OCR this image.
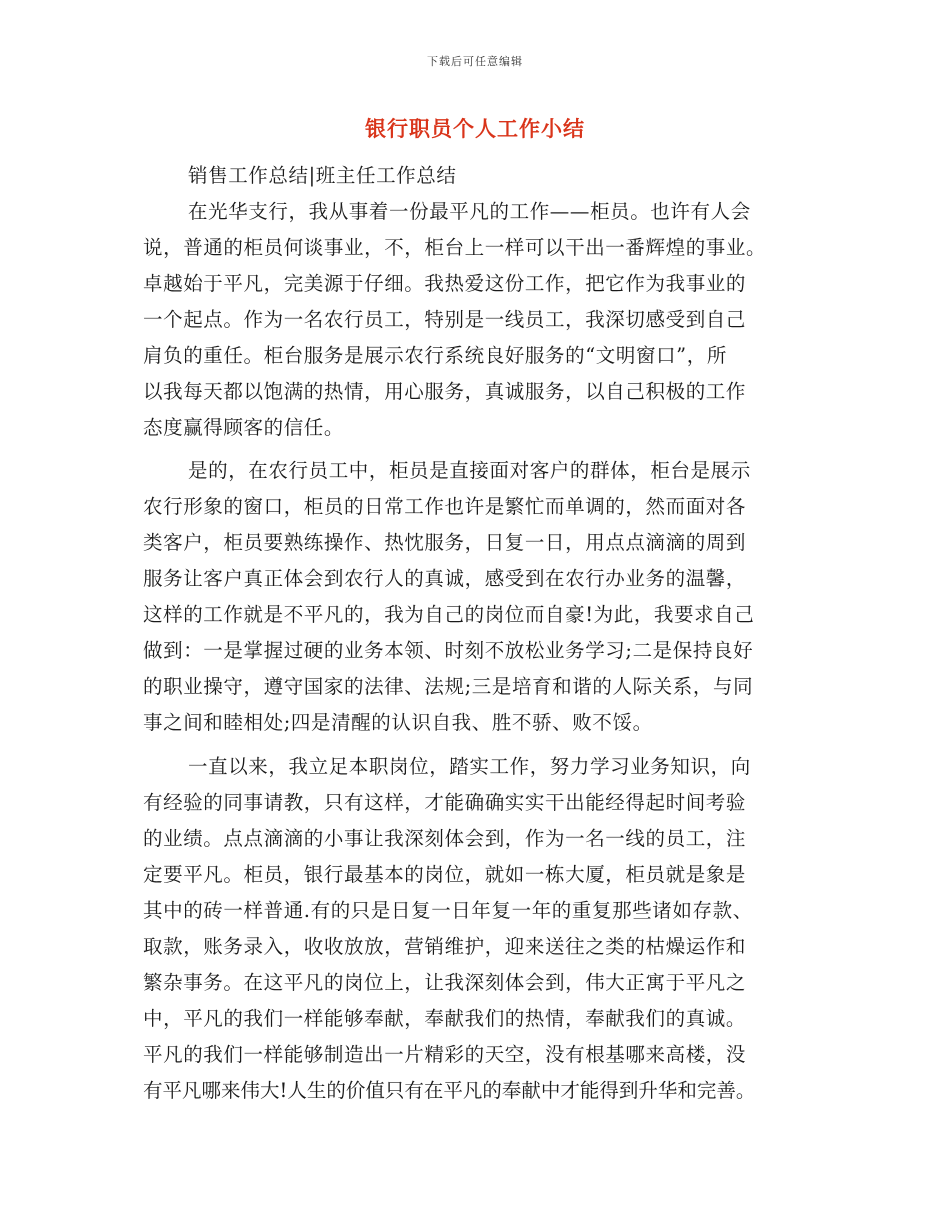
下载后可任意编辑
银行职员个人工作小结
销售工作总结|班主任工作总结
在光华支行，我从事着一份最平凡的工作——柜员。也许有人会
说，普通的柜员何谈事业，不，柜台上一样可以干出一番辉煌的事业。
卓越始于平凡，完美源于仔细。我热爱这份工作，把它作为我事业的
一个起点。作为一名农行员工，特别是一线员工，我深切感受到自己
肩负的重任。柜台服务是展示农行系统良好服务的“文明窗口”，所
以我每天都以饱满的热情，用心服务，真诚服务，以自己积极的工作
态度赢得顾客的信任。
是的，在农行员工中，柜员是直接面对客户的群体，柜台是展示
农行形象的窗口，柜员的日常工作也许是繁忙而单调的，然而面对各
类客户，柜员要熟练操作、热忱服务，日复一日，用点点滴滴的周到
服务让客户真正体会到农行人的真诚，感受到在农行办业务的温馨，
这样的工作就是不平凡的，我为自己的岗位而自豪!为此，我要求自己
做到：一是掌握过硬的业务本领、时刻不放松业务学习;二是保持良好
的职业操守，遵守国家的法律、法规;三是培育和谐的人际关系，与同
事之间和睦相处;四是清醒的认识自我、胜不骄、败不馁。
一直以来，我立足本职岗位，踏实工作，努力学习业务知识，向
有经验的同事请教，只有这样，才能确确实实干出能经得起时间考验
的业绩。点点滴滴的小事让我深刻体会到，作为一名一线的员工，注
定要平凡。柜员，银行最基本的岗位，就如一栋大厦，柜员就是象是
其中的砖一样普通.有的只是日复一日年复一年的重复那些诸如存款、
取款，账务录入，收收放放，营销维护，迎来送往之类的枯燥运作和
繁杂事务。在这平凡的岗位上，让我深刻体会到，伟大正寓于平凡之
中，平凡的我们一样能够奉献，奉献我们的热情，奉献我们的真诚。
平凡的我们一样能够制造出一片精彩的天空，没有根基哪来高楼，没
有平凡哪来伟大!人生的价值只有在平凡的奉献中才能得到升华和完善。
